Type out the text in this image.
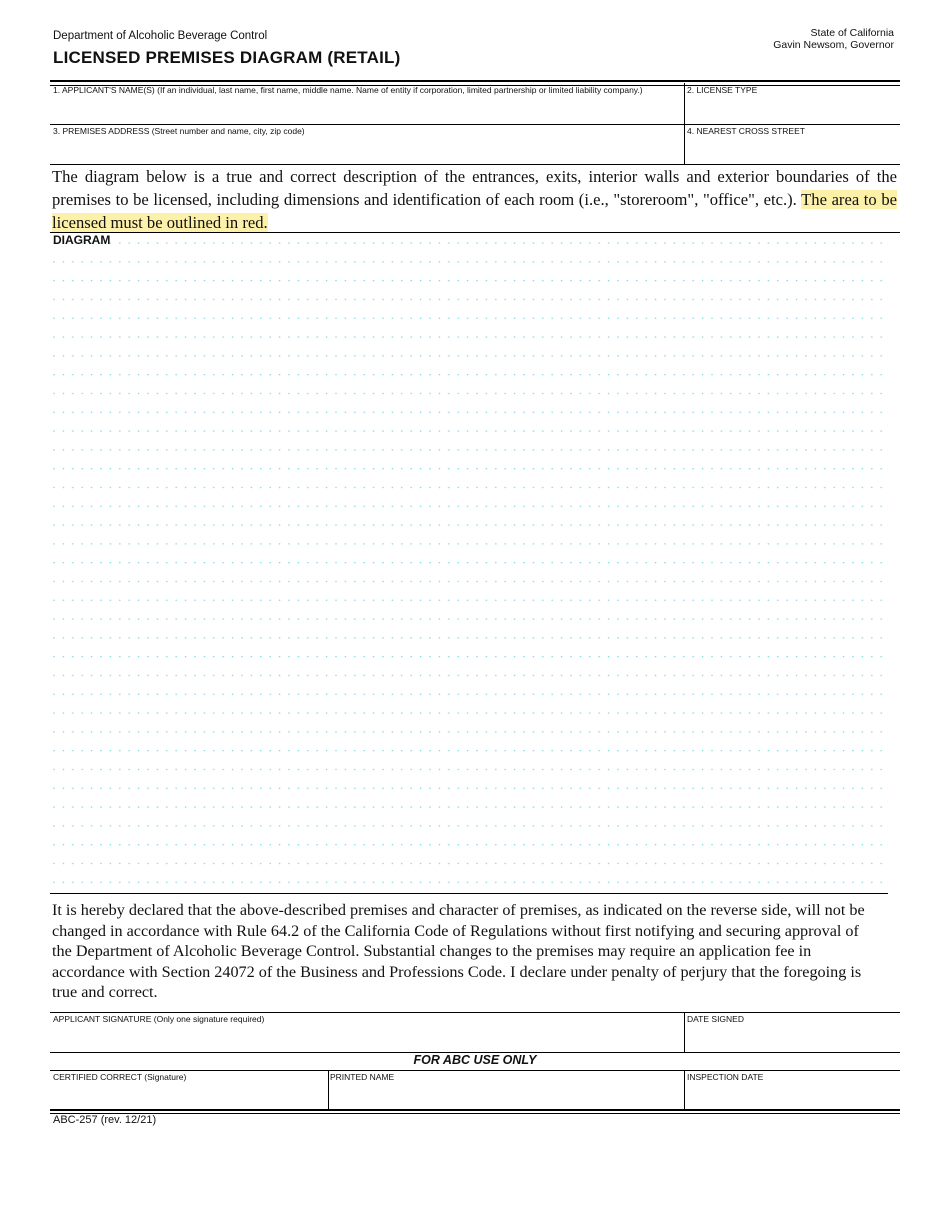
Department of Alcoholic Beverage Control
LICENSED PREMISES DIAGRAM (RETAIL)
State of California
Gavin Newsom, Governor
1. APPLICANT'S NAME(S) (If an individual, last name, first name, middle name. Name of entity if corporation, limited partnership or limited liability company.)	2. LICENSE TYPE
3. PREMISES ADDRESS (Street number and name, city, zip code)	4. NEAREST CROSS STREET
The diagram below is a true and correct description of the entrances, exits, interior walls and exterior boundaries of the premises to be licensed, including dimensions and identification of each room (i.e., "storeroom", "office", etc.). The area to be licensed must be outlined in red.
DIAGRAM
It is hereby declared that the above-described premises and character of premises, as indicated on the reverse side, will not be changed in accordance with Rule 64.2 of the California Code of Regulations without first notifying and securing approval of the Department of Alcoholic Beverage Control. Substantial changes to the premises may require an application fee in accordance with Section 24072 of the Business and Professions Code. I declare under penalty of perjury that the foregoing is true and correct.
APPLICANT SIGNATURE (Only one signature required)	DATE SIGNED
FOR ABC USE ONLY
CERTIFIED CORRECT (Signature)	PRINTED NAME	INSPECTION DATE
ABC-257 (rev. 12/21)
